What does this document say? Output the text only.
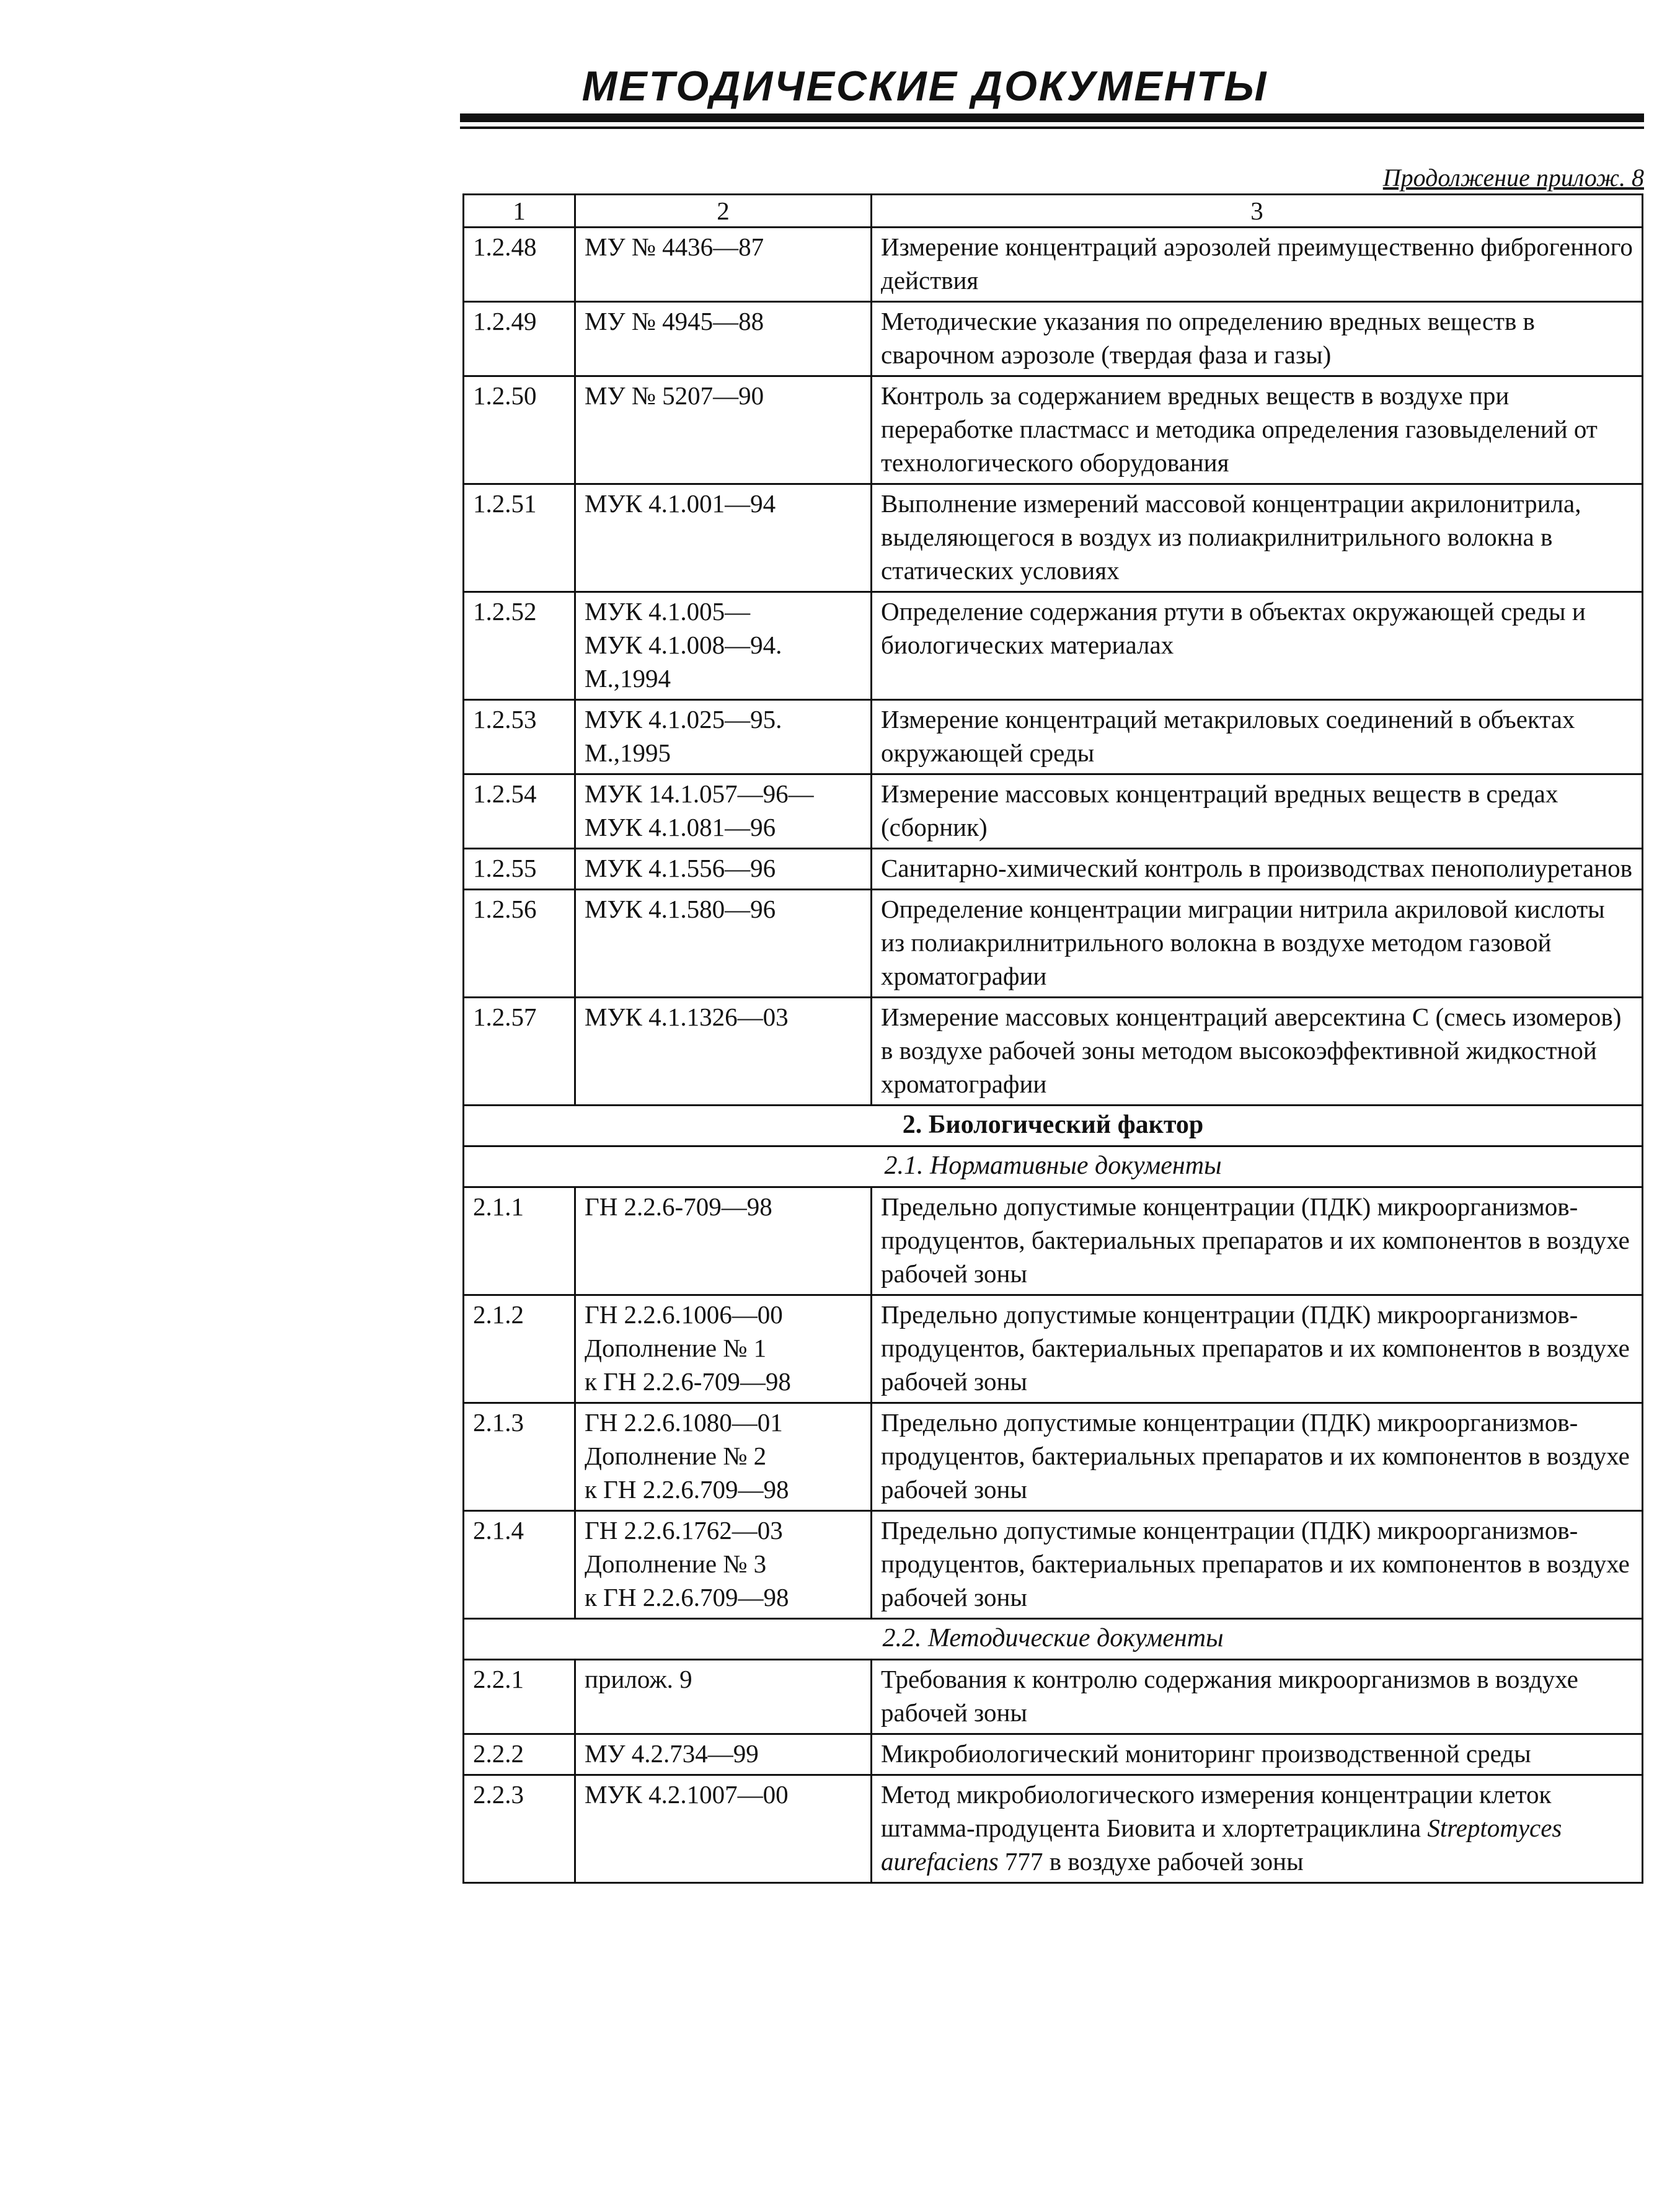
МЕТОДИЧЕСКИЕ ДОКУМЕНТЫ
Продолжение прилож. 8
1	2	3
1.2.48	МУ № 4436—87	Измерение концентраций аэрозолей преимущественно фиброгенного действия
1.2.49	МУ № 4945—88	Методические указания по определению вредных веществ в сварочном аэрозоле (твердая фаза и газы)
1.2.50	МУ № 5207—90	Контроль за содержанием вредных веществ в воздухе при переработке пластмасс и методика определения газовыделений от технологического оборудования
1.2.51	МУК 4.1.001—94	Выполнение измерений массовой концентрации акрилонитрила, выделяющегося в воздух из полиакрилнитрильного волокна в статических условиях
1.2.52	МУК 4.1.005—
МУК 4.1.008—94.
М.,1994	Определение содержания ртути в объектах окружающей среды и биологических материалах
1.2.53	МУК 4.1.025—95.
М.,1995	Измерение концентраций метакриловых соединений в объектах окружающей среды
1.2.54	МУК 14.1.057—96—
МУК 4.1.081—96	Измерение массовых концентраций вредных веществ в средах (сборник)
1.2.55	МУК 4.1.556—96	Санитарно-химический контроль в производствах пенополиуретанов
1.2.56	МУК 4.1.580—96	Определение концентрации миграции нитрила акриловой кислоты из полиакрилнитрильного волокна в воздухе методом газовой хроматографии
1.2.57	МУК 4.1.1326—03	Измерение массовых концентраций аверсектина С (смесь изомеров) в воздухе рабочей зоны методом высокоэффективной жидкостной хроматографии
2. Биологический фактор		
2.1. Нормативные документы		
2.1.1	ГН 2.2.6-709—98	Предельно допустимые концентрации (ПДК) микроорганизмов-продуцентов, бактериальных препаратов и их компонентов в воздухе рабочей зоны
2.1.2	ГН 2.2.6.1006—00
Дополнение № 1
к ГН 2.2.6-709—98	Предельно допустимые концентрации (ПДК) микроорганизмов-продуцентов, бактериальных препаратов и их компонентов в воздухе рабочей зоны
2.1.3	ГН 2.2.6.1080—01
Дополнение № 2
к ГН 2.2.6.709—98	Предельно допустимые концентрации (ПДК) микроорганизмов-продуцентов, бактериальных препаратов и их компонентов в воздухе рабочей зоны
2.1.4	ГН 2.2.6.1762—03
Дополнение № 3
к ГН 2.2.6.709—98	Предельно допустимые концентрации (ПДК) микроорганизмов-продуцентов, бактериальных препаратов и их компонентов в воздухе рабочей зоны
2.2. Методические документы		
2.2.1	прилож. 9	Требования к контролю содержания микроорганизмов в воздухе рабочей зоны
2.2.2	МУ 4.2.734—99	Микробиологический мониторинг производственной среды
2.2.3	МУК 4.2.1007—00	Метод микробиологического измерения концентрации клеток штамма-продуцента Биовита и хлортетрациклина Streptomyces aurefaciens 777 в воздухе рабочей зоны
